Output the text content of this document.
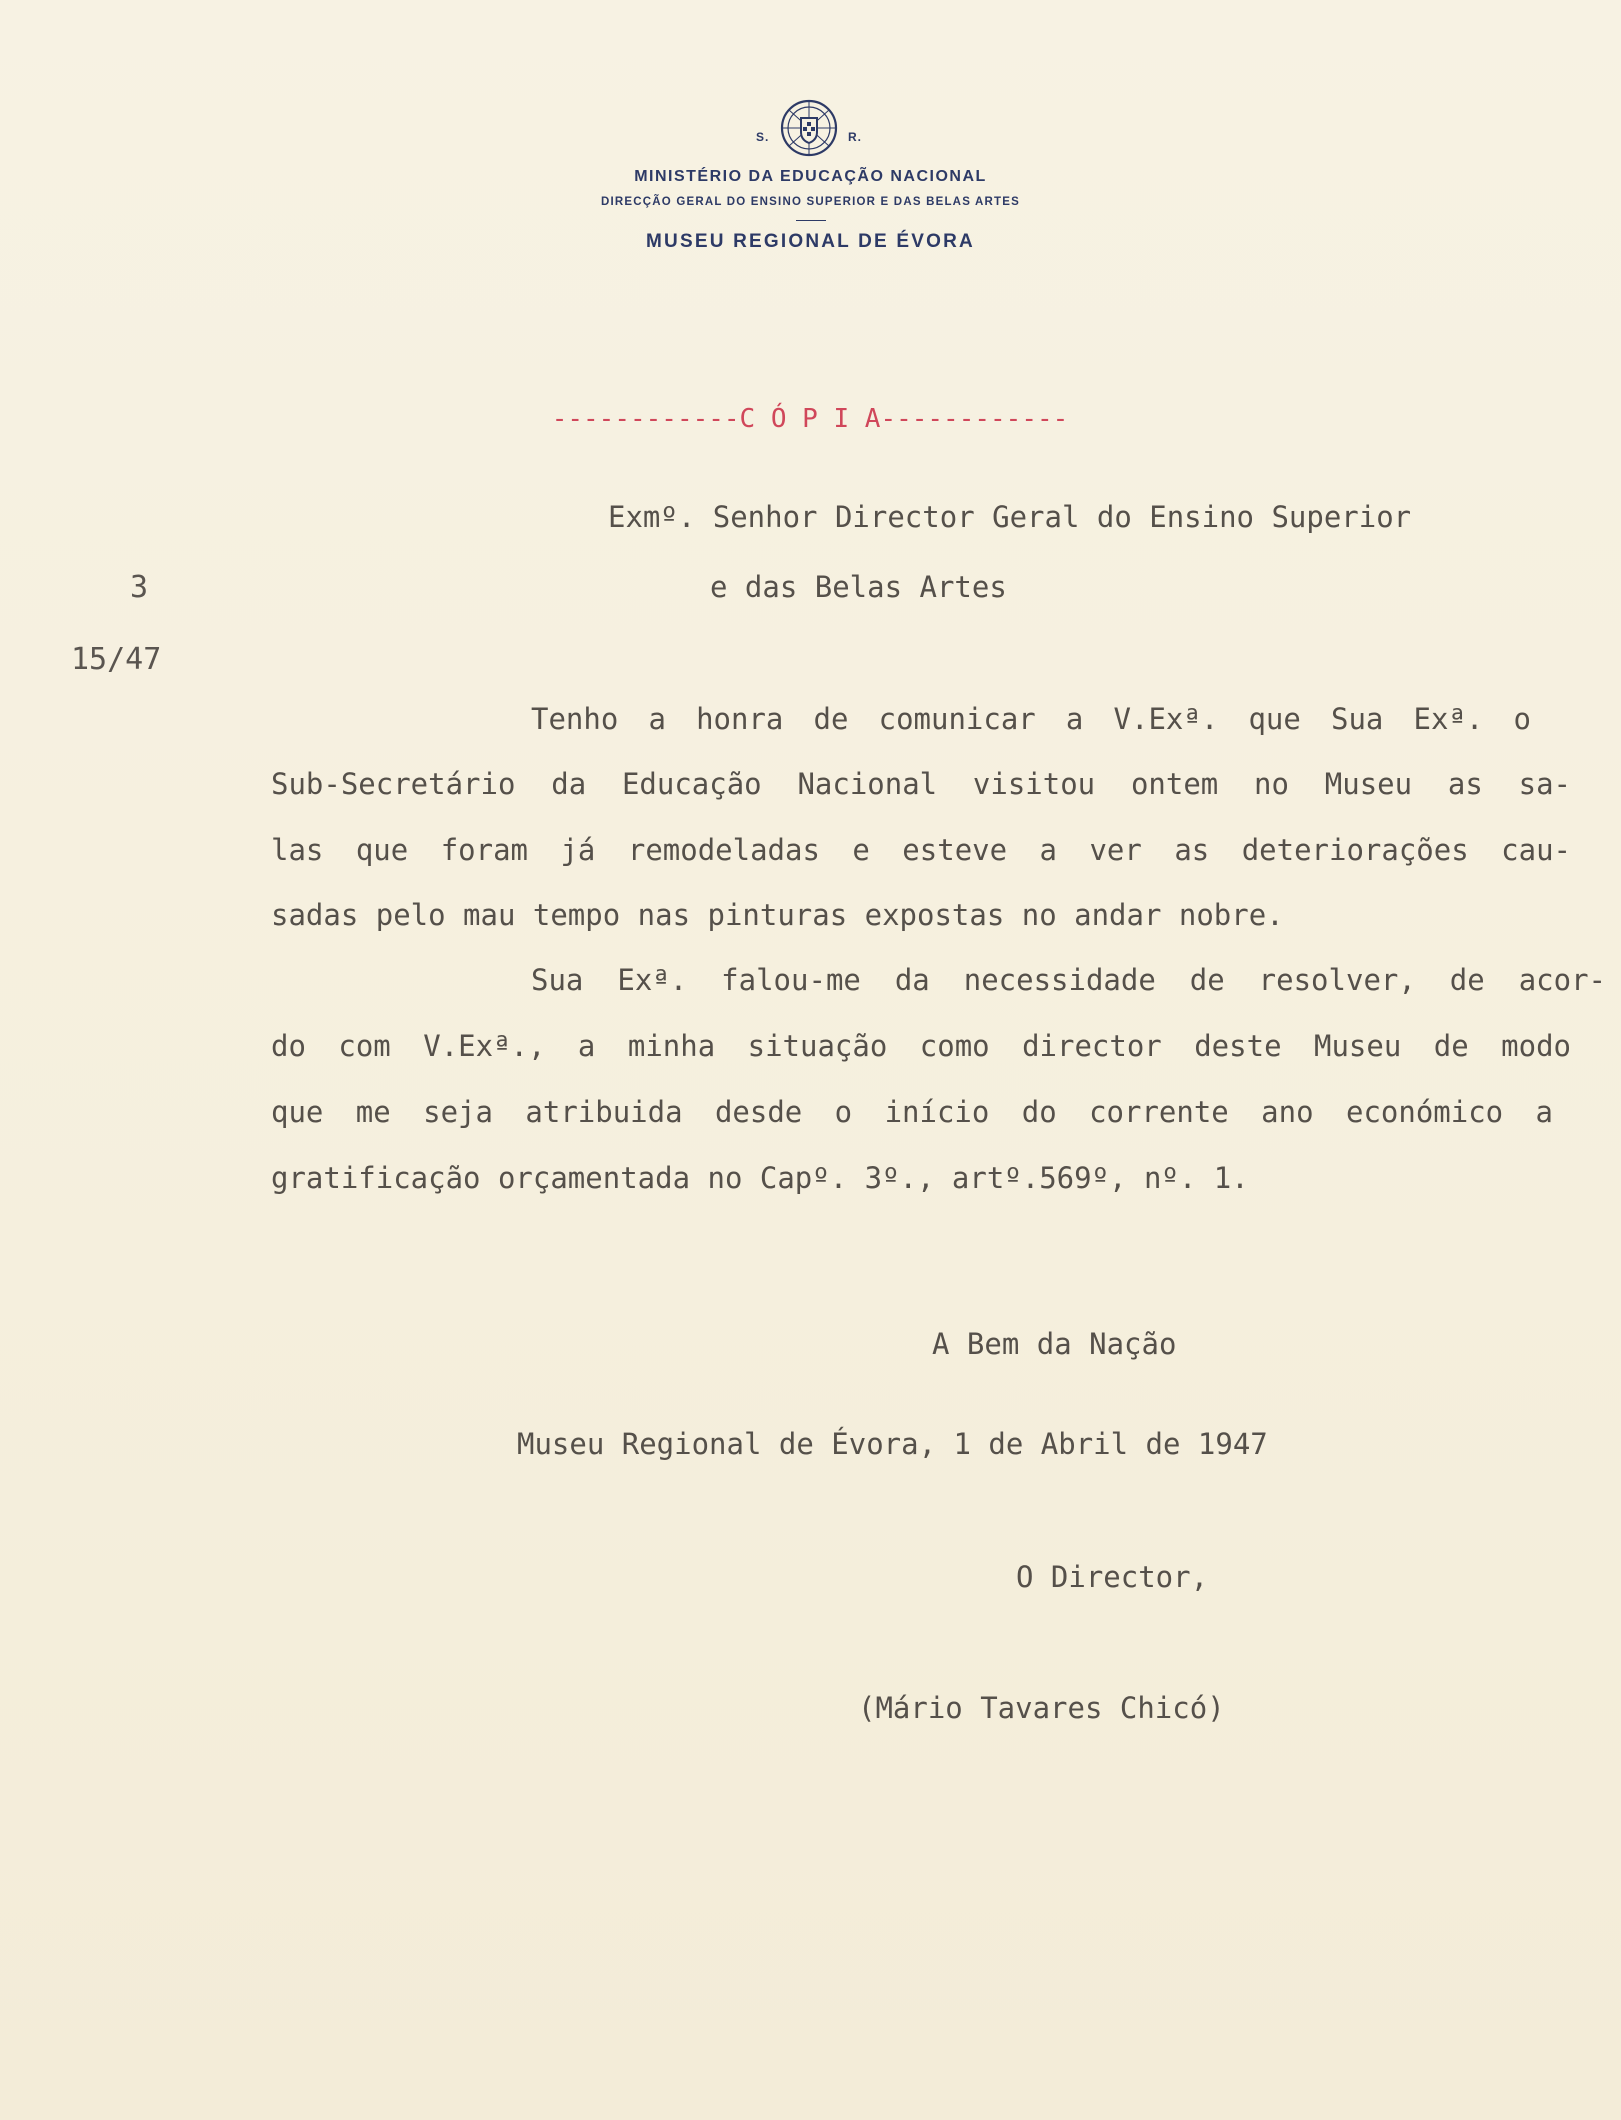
S.	R.
MINISTÉRIO DA EDUCAÇÃO NACIONAL
DIRECÇÃO GERAL DO ENSINO SUPERIOR E DAS BELAS ARTES
MUSEU REGIONAL DE ÉVORA
------------C Ó P I A------------
Exmº. Senhor Director Geral do Ensino Superior
3	e das Belas Artes
15/47
Tenho a honra de comunicar a V.Exª. que Sua Exª. o
Sub-Secretário da Educação Nacional visitou ontem no Museu as sa-
las que foram já remodeladas e esteve a ver as deteriorações cau-
sadas pelo mau tempo nas pinturas expostas no andar nobre.
Sua Exª. falou-me da necessidade de resolver, de acor-
do com V.Exª., a minha situação como director deste Museu de modo
que me seja atribuida desde o início do corrente ano económico a
gratificação orçamentada no Capº. 3º., artº.569º, nº. 1.
A Bem da Nação
Museu Regional de Évora, 1 de Abril de 1947
O Director,
(Mário Tavares Chicó)
